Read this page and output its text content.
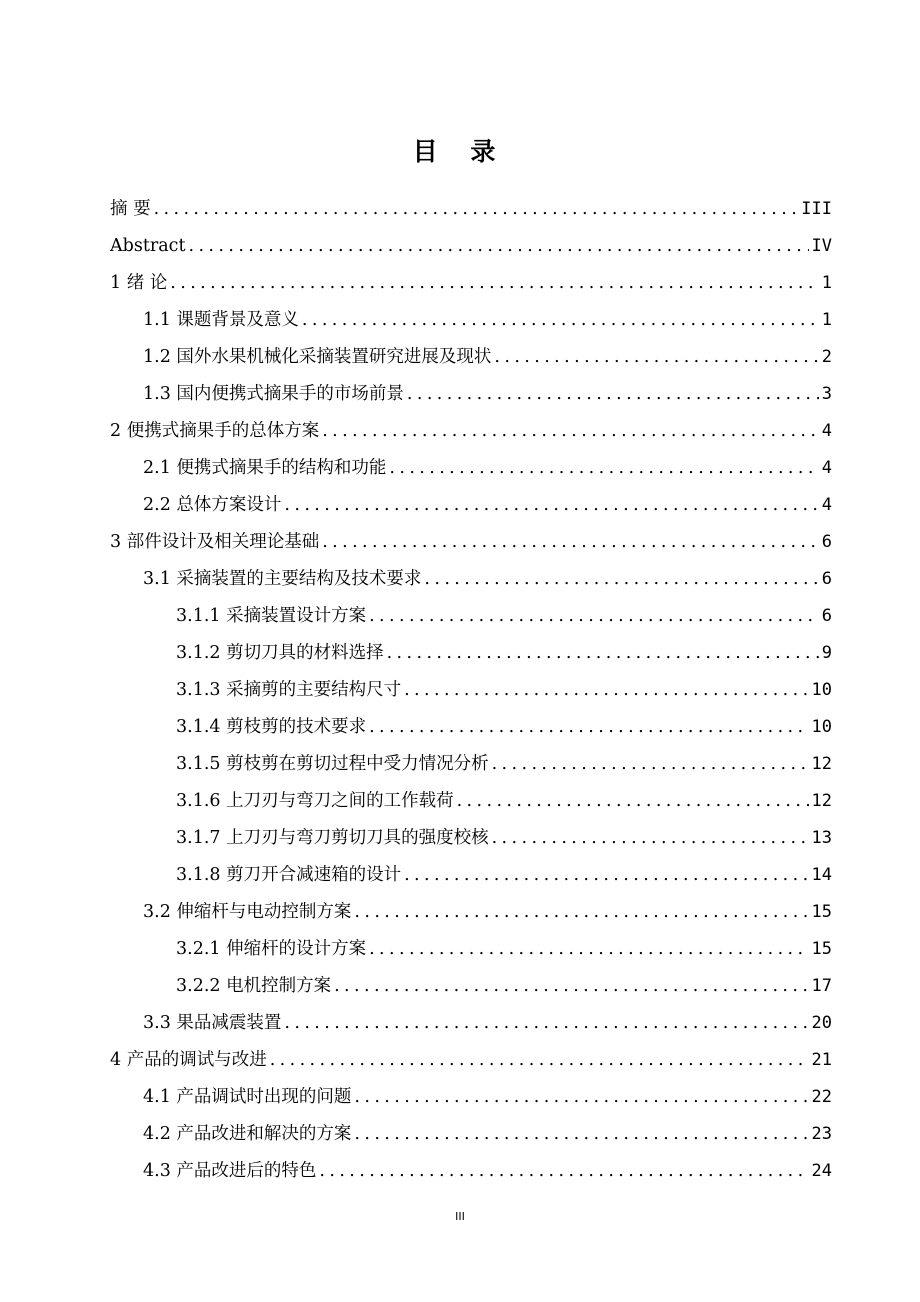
目 录
摘 要 .....	III
Abstract .....	IV
1 绪 论 .....	1
1.1 课题背景及意义 .....	1
1.2 国外水果机械化采摘装置研究进展及现状 .....	2
1.3 国内便携式摘果手的市场前景 .....	3
2 便携式摘果手的总体方案 .....	4
2.1 便携式摘果手的结构和功能 .....	4
2.2 总体方案设计 .....	4
3 部件设计及相关理论基础 .....	6
3.1 采摘装置的主要结构及技术要求 .....	6
3.1.1 采摘装置设计方案 .....	6
3.1.2 剪切刀具的材料选择 .....	9
3.1.3 采摘剪的主要结构尺寸 .....	10
3.1.4 剪枝剪的技术要求 .....	10
3.1.5 剪枝剪在剪切过程中受力情况分析 .....	12
3.1.6 上刀刃与弯刀之间的工作载荷 .....	12
3.1.7 上刀刃与弯刀剪切刀具的强度校核 .....	13
3.1.8 剪刀开合减速箱的设计 .....	14
3.2 伸缩杆与电动控制方案 .....	15
3.2.1 伸缩杆的设计方案 .....	15
3.2.2 电机控制方案 .....	17
3.3 果品减震装置 .....	20
4 产品的调试与改进 .....	21
4.1 产品调试时出现的问题 .....	22
4.2 产品改进和解决的方案 .....	23
4.3 产品改进后的特色 .....	24
III
